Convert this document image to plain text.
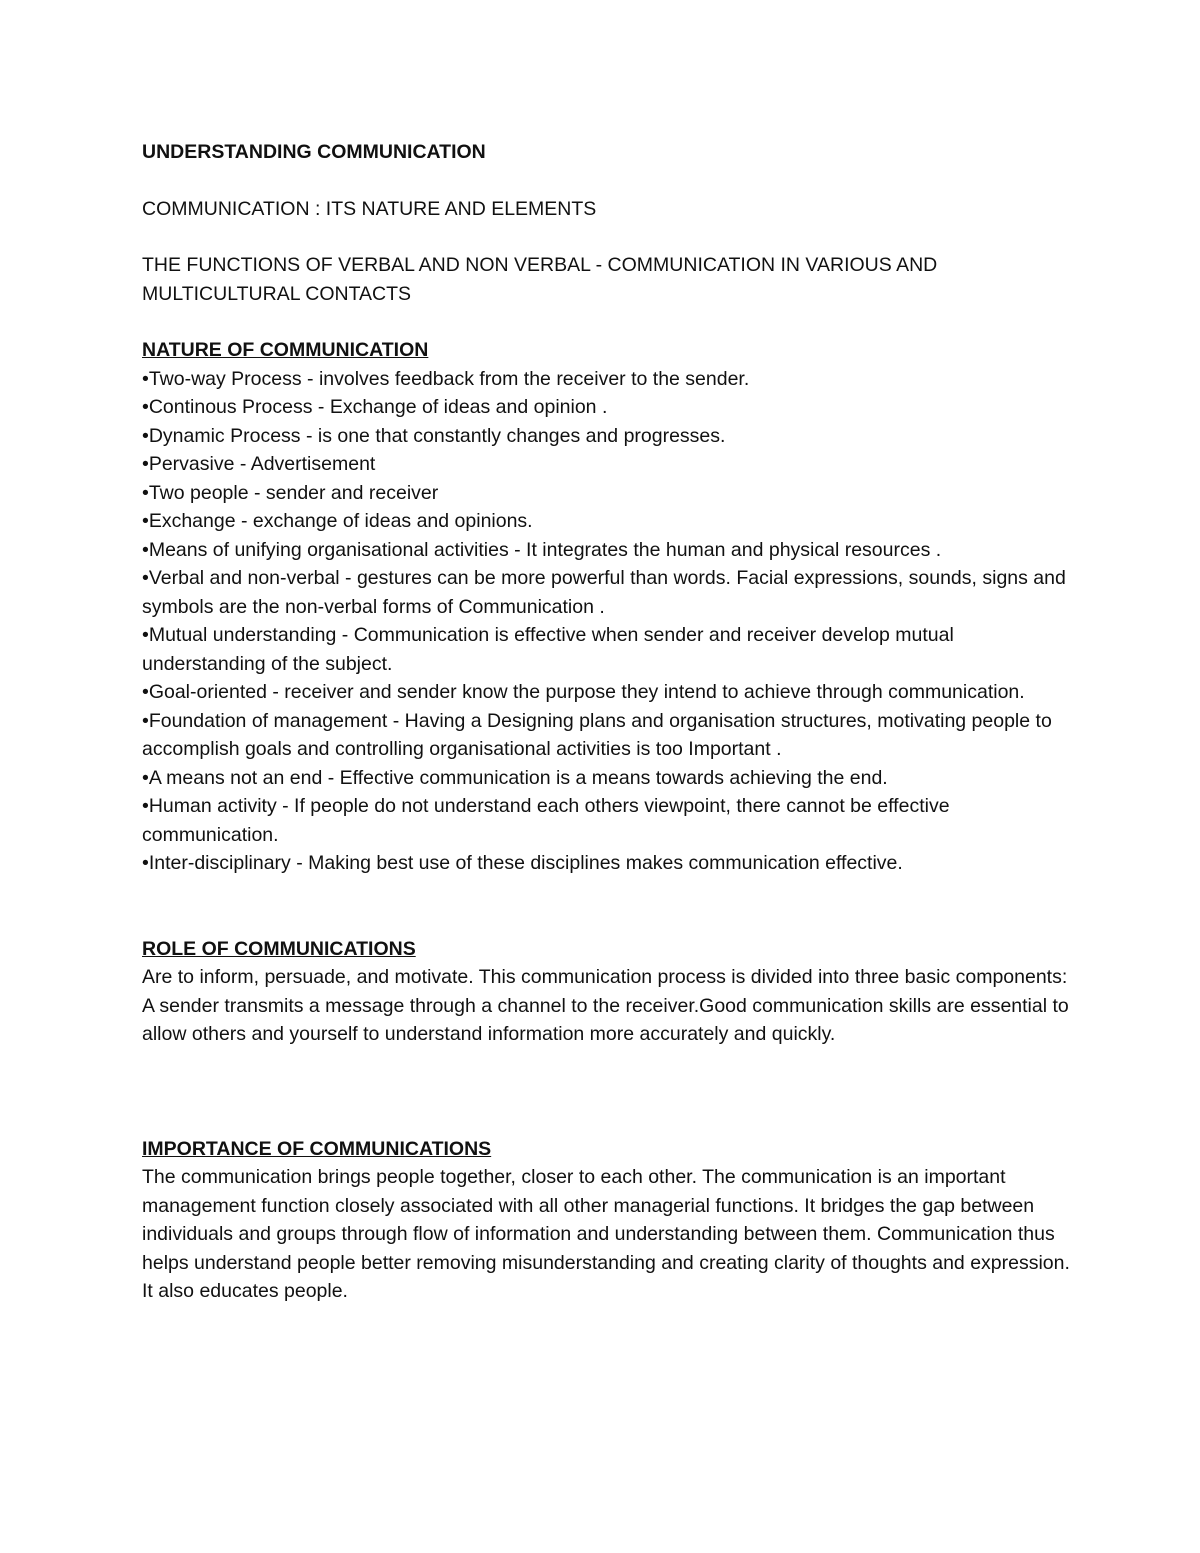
UNDERSTANDING COMMUNICATION

COMMUNICATION : ITS NATURE AND ELEMENTS

THE FUNCTIONS OF VERBAL AND NON VERBAL - COMMUNICATION IN VARIOUS AND MULTICULTURAL CONTACTS

NATURE OF COMMUNICATION

•Two-way Process - involves feedback from the receiver to the sender.
•Continous Process - Exchange of ideas and opinion .
•Dynamic Process - is one that constantly changes and progresses.
•Pervasive - Advertisement
•Two people - sender and receiver
•Exchange - exchange of ideas and opinions.
•Means of unifying organisational activities - It integrates the human and physical resources .
•Verbal and non-verbal - gestures can be more powerful than words. Facial expressions, sounds, signs and symbols are the non-verbal forms of Communication .
•Mutual understanding - Communication is effective when sender and receiver develop mutual understanding of the subject.
•Goal-oriented - receiver and sender know the purpose they intend to achieve through communication.
•Foundation of management - Having a Designing plans and organisation structures, motivating people to accomplish goals and controlling organisational activities is too Important .
•A means not an end - Effective communication is a means towards achieving the end.
•Human activity - If people do not understand each others viewpoint, there cannot be effective communication.
•Inter-disciplinary - Making best use of these disciplines makes communication effective.

ROLE OF COMMUNICATIONS

Are to inform, persuade, and motivate. This communication process is divided into three basic components: A sender transmits a message through a channel to the receiver.Good communication skills are essential to allow others and yourself to understand information more accurately and quickly.

IMPORTANCE OF COMMUNICATIONS

The communication brings people together, closer to each other. The communication is an important management function closely associated with all other managerial functions. It bridges the gap between individuals and groups through flow of information and understanding between them. Communication thus helps understand people better removing misunderstanding and creating clarity of thoughts and expression. It also educates people.
